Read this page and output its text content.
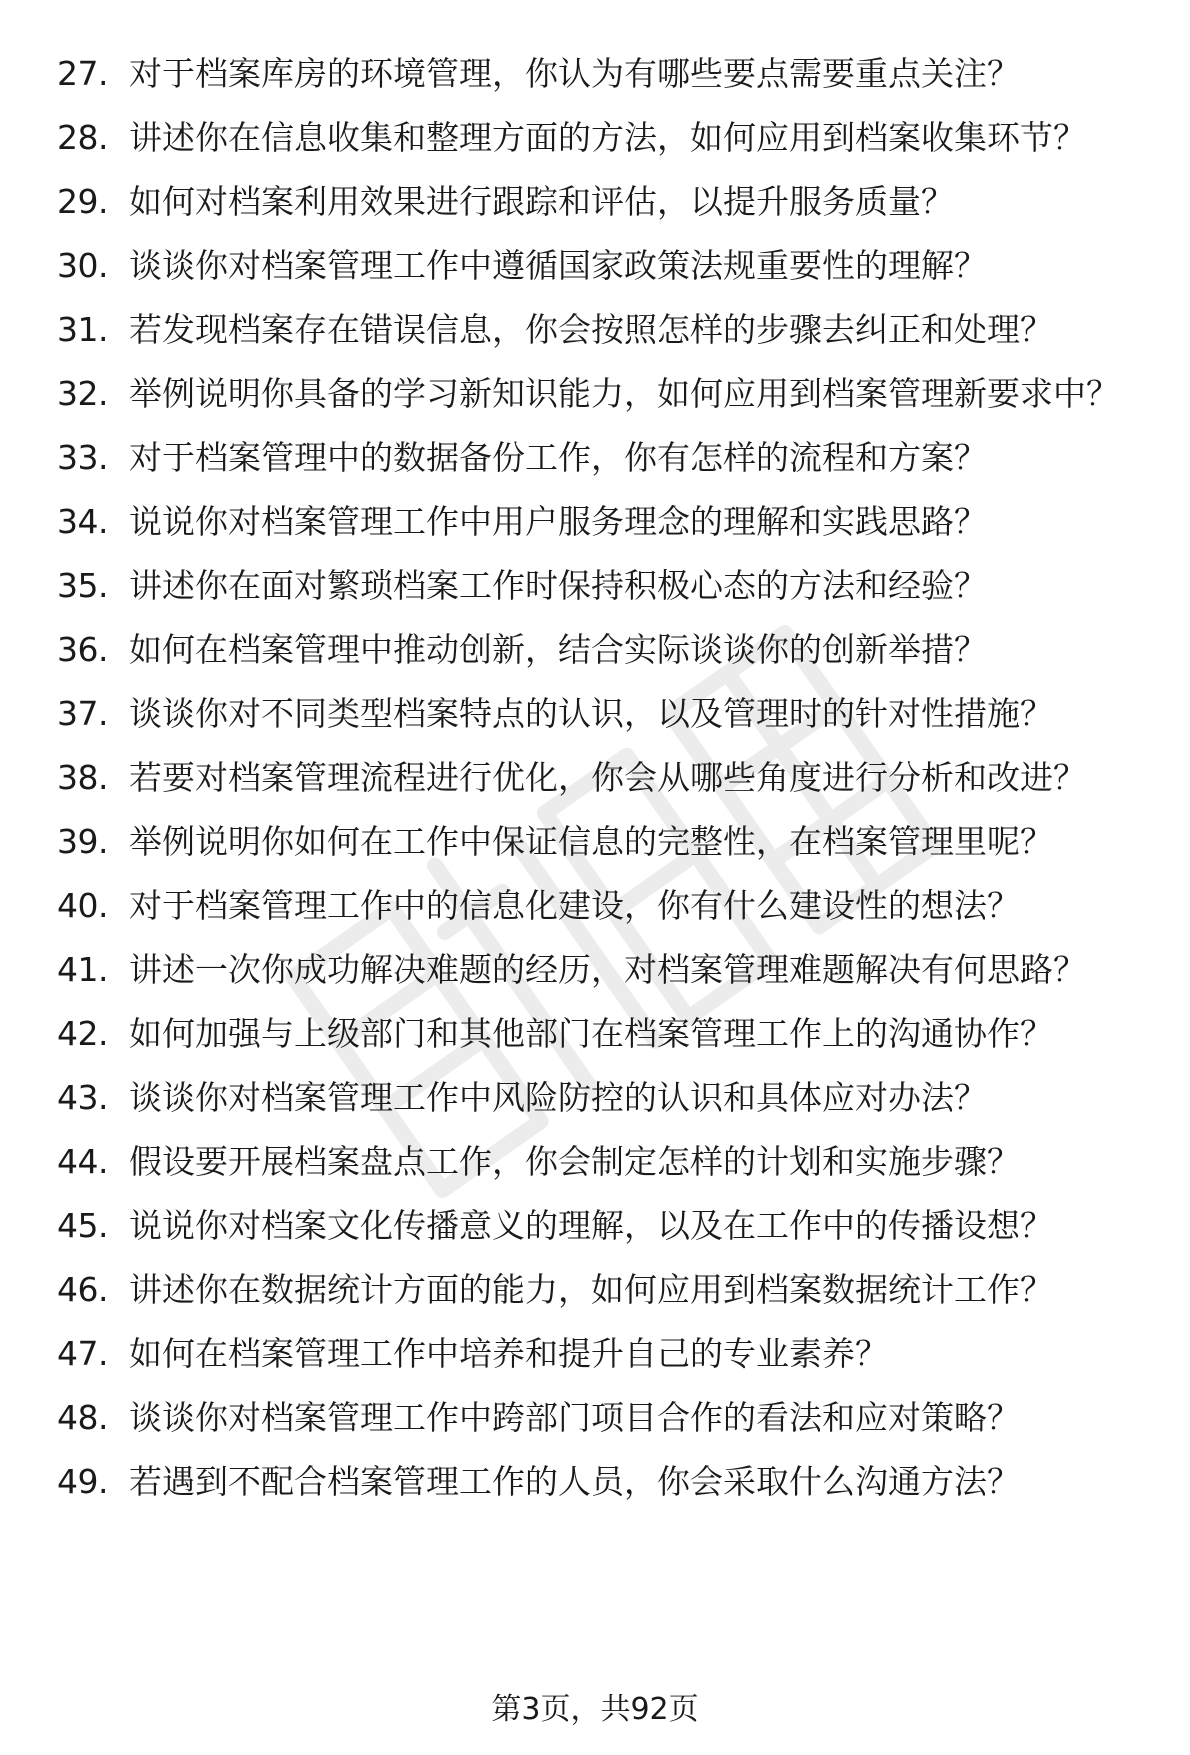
27. 对于档案库房的环境管理，你认为有哪些要点需要重点关注？
28. 讲述你在信息收集和整理方面的方法，如何应用到档案收集环节？
29. 如何对档案利用效果进行跟踪和评估，以提升服务质量？
30. 谈谈你对档案管理工作中遵循国家政策法规重要性的理解？
31. 若发现档案存在错误信息，你会按照怎样的步骤去纠正和处理？
32. 举例说明你具备的学习新知识能力，如何应用到档案管理新要求中？
33. 对于档案管理中的数据备份工作，你有怎样的流程和方案？
34. 说说你对档案管理工作中用户服务理念的理解和实践思路？
35. 讲述你在面对繁琐档案工作时保持积极心态的方法和经验？
36. 如何在档案管理中推动创新，结合实际谈谈你的创新举措？
37. 谈谈你对不同类型档案特点的认识，以及管理时的针对性措施？
38. 若要对档案管理流程进行优化，你会从哪些角度进行分析和改进？
39. 举例说明你如何在工作中保证信息的完整性，在档案管理里呢？
40. 对于档案管理工作中的信息化建设，你有什么建设性的想法？
41. 讲述一次你成功解决难题的经历，对档案管理难题解决有何思路？
42. 如何加强与上级部门和其他部门在档案管理工作上的沟通协作？
43. 谈谈你对档案管理工作中风险防控的认识和具体应对办法？
44. 假设要开展档案盘点工作，你会制定怎样的计划和实施步骤？
45. 说说你对档案文化传播意义的理解，以及在工作中的传播设想？
46. 讲述你在数据统计方面的能力，如何应用到档案数据统计工作？
47. 如何在档案管理工作中培养和提升自己的专业素养？
48. 谈谈你对档案管理工作中跨部门项目合作的看法和应对策略？
49. 若遇到不配合档案管理工作的人员，你会采取什么沟通方法？
第3页，共92页
